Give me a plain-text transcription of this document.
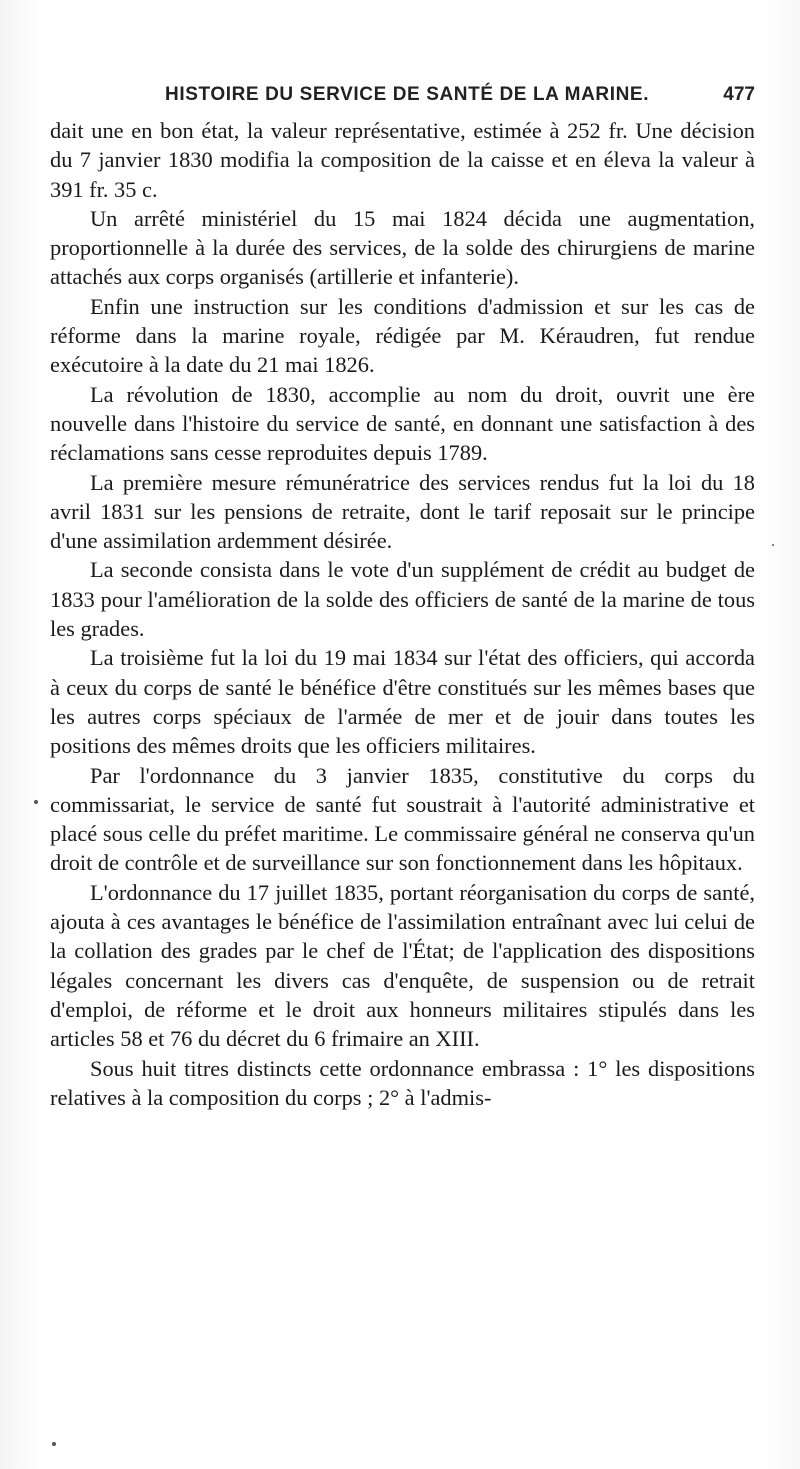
HISTOIRE DU SERVICE DE SANTÉ DE LA MARINE.	477

dait une en bon état, la valeur représentative, estimée à 252 fr. Une décision du 7 janvier 1830 modifia la composition de la caisse et en éleva la valeur à 391 fr. 35 c.

Un arrêté ministériel du 15 mai 1824 décida une augmentation, proportionnelle à la durée des services, de la solde des chirurgiens de marine attachés aux corps organisés (artillerie et infanterie).

Enfin une instruction sur les conditions d'admission et sur les cas de réforme dans la marine royale, rédigée par M. Kéraudren, fut rendue exécutoire à la date du 21 mai 1826.

La révolution de 1830, accomplie au nom du droit, ouvrit une ère nouvelle dans l'histoire du service de santé, en donnant une satisfaction à des réclamations sans cesse reproduites depuis 1789.

La première mesure rémunératrice des services rendus fut la loi du 18 avril 1831 sur les pensions de retraite, dont le tarif reposait sur le principe d'une assimilation ardemment désirée.

La seconde consista dans le vote d'un supplément de crédit au budget de 1833 pour l'amélioration de la solde des officiers de santé de la marine de tous les grades.

La troisième fut la loi du 19 mai 1834 sur l'état des officiers, qui accorda à ceux du corps de santé le bénéfice d'être constitués sur les mêmes bases que les autres corps spéciaux de l'armée de mer et de jouir dans toutes les positions des mêmes droits que les officiers militaires.

Par l'ordonnance du 3 janvier 1835, constitutive du corps du commissariat, le service de santé fut soustrait à l'autorité administrative et placé sous celle du préfet maritime. Le commissaire général ne conserva qu'un droit de contrôle et de surveillance sur son fonctionnement dans les hôpitaux.

L'ordonnance du 17 juillet 1835, portant réorganisation du corps de santé, ajouta à ces avantages le bénéfice de l'assimilation entraînant avec lui celui de la collation des grades par le chef de l'État; de l'application des dispositions légales concernant les divers cas d'enquête, de suspension ou de retrait d'emploi, de réforme et le droit aux honneurs militaires stipulés dans les articles 58 et 76 du décret du 6 frimaire an XIII.

Sous huit titres distincts cette ordonnance embrassa : 1° les dispositions relatives à la composition du corps ; 2° à l'admis-
